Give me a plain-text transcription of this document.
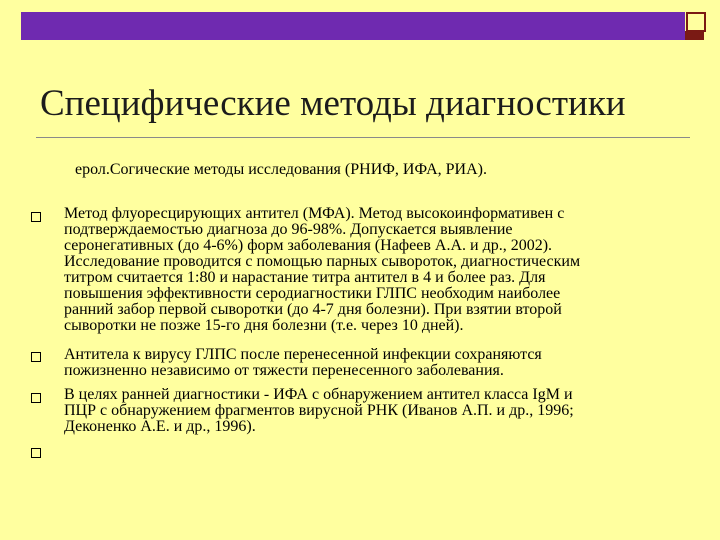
Специфические методы диагностики
ерол.Согические методы исследования (РНИФ, ИФА, РИА).
Метод флуоресцирующих антител (МФА). Метод высокоинформативен с
подтверждаемостью диагноза до 96-98%. Допускается выявление
серонегативных (до 4-6%) форм заболевания (Нафеев А.А. и др., 2002).
Исследование проводится с помощью парных сывороток, диагностическим
титром считается 1:80 и нарастание титра антител в 4 и более раз. Для
повышения эффективности серодиагностики ГЛПС необходим наиболее
ранний забор первой сыворотки (до 4-7 дня болезни). При взятии второй
сыворотки не позже 15-го дня болезни (т.е. через 10 дней).
Антитела к вирусу ГЛПС после перенесенной инфекции сохраняются
пожизненно независимо от тяжести перенесенного заболевания.
В целях ранней диагностики - ИФА с обнаружением антител класса IgM и
ПЦР с обнаружением фрагментов вирусной РНК (Иванов А.П. и др., 1996;
Деконенко А.Е. и др., 1996).
